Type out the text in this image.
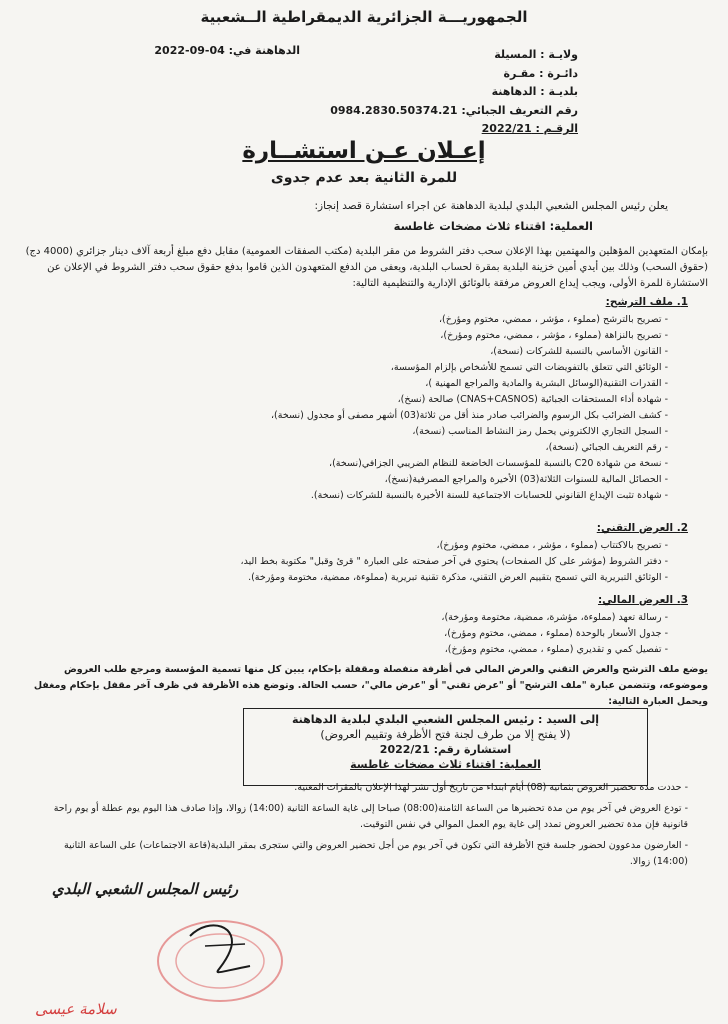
الجمهوريـــة الجزائرية الديمقراطية الــشعبية
الدهاهنة في: 04-09-2022	ولايـة : المسيلة
دائـرة : مقـرة
بلديـة : الدهاهنة
رقم التعريف الجبائي: 0984.2830.50374.21
الرقـم : 2022/21
إعـلان عـن استشــارة
للمرة الثانية بعد عدم جدوى
يعلن رئيس المجلس الشعبي البلدي لبلدية الدهاهنة عن اجراء استشارة قصد إنجاز:
العملية: اقتناء ثلاث مضخات غاطسة
بإمكان المتعهدين المؤهلين والمهتمين بهذا الإعلان سحب دفتر الشروط من مقر البلدية (مكتب الصفقات العمومية) مقابل دفع مبلغ أربعة آلاف دينار جزائري (4000 دج) (حقوق السحب) وذلك بين أيدي أمين خزينة البلدية بمقرة لحساب البلدية، ويعفى من الدفع المتعهدون الذين قاموا بدفع حقوق سحب دفتر الشروط في الإعلان عن الاستشارة للمرة الأولى، ويجب إيداع العروض مرفقة بالوثائق الإدارية والتنظيمية التالية:
1. ملف الترشح:
- تصريح بالترشح (مملوء ، مؤشر ، ممضي، مختوم ومؤرخ)،
- تصريح بالنزاهة (مملوء ، مؤشر ، ممضي، مختوم ومؤرخ)،
- القانون الأساسي بالنسبة للشركات (نسخة)،
- الوثائق التي تتعلق بالتفويضات التي تسمح للأشخاص بإلزام المؤسسة،
- القدرات التقنية(الوسائل البشرية والمادية والمراجع المهنية )،
- شهادة أداء المستحقات الجبائية (CNAS+CASNOS) صالحة (نسخ)،
- كشف الضرائب بكل الرسوم والضرائب صادر منذ أقل من ثلاثة(03) أشهر مصفى أو مجدول (نسخة)،
- السجل التجاري الالكتروني يحمل رمز النشاط المناسب (نسخة)،
- رقم التعريف الجبائي (نسخة)،
- نسخة من شهادة C20 بالنسبة للمؤسسات الخاضعة للنظام الضريبي الجزافي(نسخة)،
- الحصائل المالية للسنوات الثلاثة(03) الأخيرة والمراجع المصرفية(نسخ)،
- شهادة تثبت الإيداع القانوني للحسابات الاجتماعية للسنة الأخيرة بالنسبة للشركات (نسخة).
2. العرض التقني:
- تصريح بالاكتتاب (مملوء ، مؤشر ، ممضي، مختوم ومؤرخ)،
- دفتر الشروط (مؤشر على كل الصفحات) يحتوي في آخر صفحته على العبارة " قرئ وقبل" مكتوبة بخط اليد،
- الوثائق التبريرية التي تسمح بتقييم العرض التقني، مذكرة تقنية تبريرية (مملوءة، ممضية، مختومة ومؤرخة).
3. العرض المالي:
- رسالة تعهد (مملوءة، مؤشرة، ممضية، مختومة ومؤرخة)،
- جدول الأسعار بالوحدة (مملوء ، ممضي، مختوم ومؤرخ)،
- تفصيل كمي و تقديري (مملوء ، ممضي، مختوم ومؤرخ)،
يوضع ملف الترشح والعرض التقني والعرض المالي في أظرفة منفصلة ومقفلة بإحكام، يبين كل منها تسمية المؤسسة ومرجع طلب العروض وموضوعه، وتتضمن عبارة "ملف الترشح" أو "عرض تقني" أو "عرض مالي"، حسب الحالة. وتوضع هذه الأظرفة في ظرف آخر مقفل بإحكام ومغفل ويحمل العبارة التالية:
إلى السيد : رئيس المجلس الشعبي البلدي لبلدية الدهاهنة
(لا يفتح إلا من طرف لجنة فتح الأظرفة وتقييم العروض)
استشارة رقم: 2022/21
العملية: اقتناء ثلاث مضخات غاطسة
- حددت مدة تحضير العروض بثمانية (08) أيام ابتداء من تاريخ أول نشر لهذا الإعلان بالمقرات المعنية.
- تودع العروض في آخر يوم من مدة تحضيرها من الساعة الثامنة(08:00) صباحا إلى غاية الساعة الثانية (14:00) زوالا، وإذا صادف هذا اليوم يوم عطلة أو يوم راحة قانونية فإن مدة تحضير العروض تمدد إلى غاية يوم العمل الموالي في نفس التوقيت.
- العارضون مدعوون لحضور جلسة فتح الأظرفة التي تكون في آخر يوم من أجل تحضير العروض والتي ستجرى بمقر البلدية(قاعة الاجتماعات) على الساعة الثانية (14:00) زوالا.
رئيس المجلس الشعبي البلدي
سلامة عيسى
